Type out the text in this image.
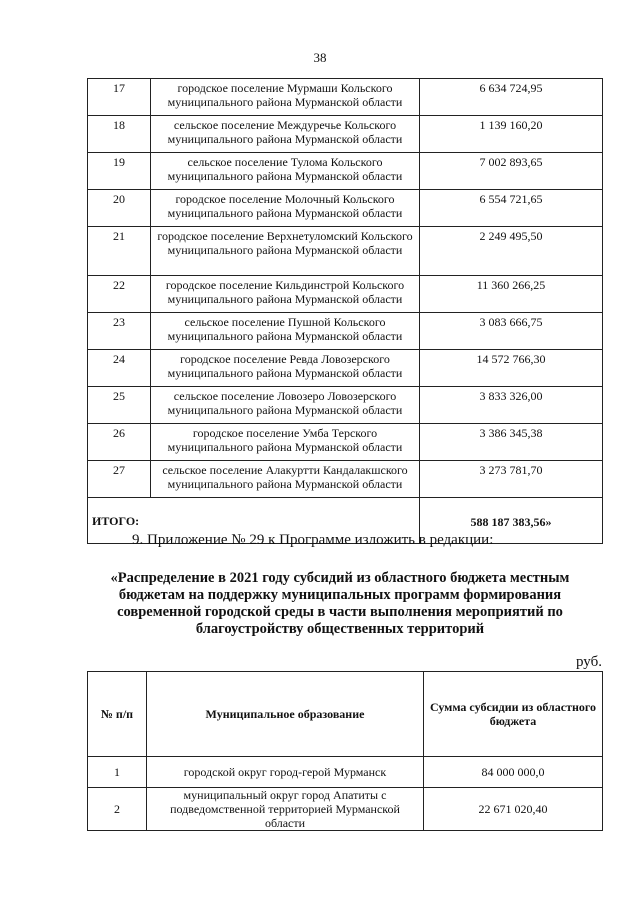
38
17	городское поселение Мурмаши Кольского муниципального района Мурманской области	6 634 724,95
18	сельское поселение Междуречье Кольского муниципального района Мурманской области	1 139 160,20
19	сельское поселение Тулома Кольского муниципального района Мурманской области	7 002 893,65
20	городское поселение Молочный Кольского муниципального района Мурманской области	6 554 721,65
21	городское поселение Верхнетуломский Кольского муниципального района Мурманской области	2 249 495,50
22	городское поселение Кильдинстрой Кольского муниципального района Мурманской области	11 360 266,25
23	сельское поселение Пушной Кольского муниципального района Мурманской области	3 083 666,75
24	городское поселение Ревда Ловозерского муниципального района Мурманской области	14 572 766,30
25	сельское поселение Ловозеро Ловозерского муниципального района Мурманской области	3 833 326,00
26	городское поселение Умба Терского муниципального района Мурманской области	3 386 345,38
27	сельское поселение Алакуртти Кандалакшского муниципального района Мурманской области	3 273 781,70
ИТОГО:		588 187 383,56»
9. Приложение № 29 к Программе изложить в редакции:
«Распределение в 2021 году субсидий из областного бюджета местным бюджетам на поддержку муниципальных программ формирования современной городской среды в части выполнения мероприятий по благоустройству общественных территорий
руб.
№ п/п	Муниципальное образование	Сумма субсидии из областного бюджета
1	городской округ город-герой Мурманск	84 000 000,0
2	муниципальный округ город Апатиты с подведомственной территорией Мурманской области	22 671 020,40
